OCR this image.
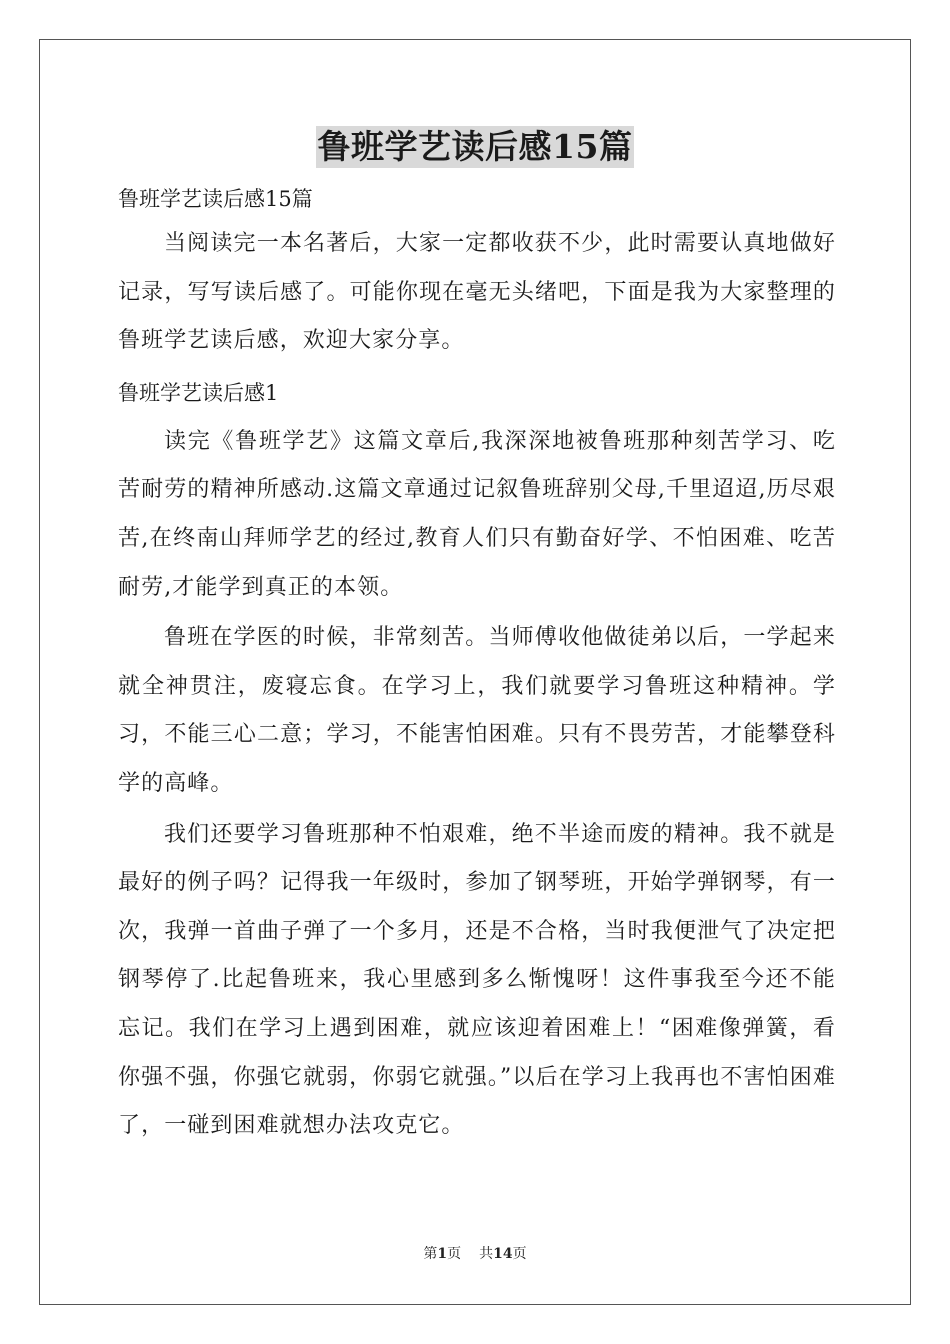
鲁班学艺读后感15篇

鲁班学艺读后感15篇

当阅读完一本名著后，大家一定都收获不少，此时需要认真地做好记录，写写读后感了。可能你现在毫无头绪吧，下面是我为大家整理的鲁班学艺读后感，欢迎大家分享。

鲁班学艺读后感1

读完《鲁班学艺》这篇文章后,我深深地被鲁班那种刻苦学习、吃苦耐劳的精神所感动.这篇文章通过记叙鲁班辞别父母,千里迢迢,历尽艰苦,在终南山拜师学艺的经过,教育人们只有勤奋好学、不怕困难、吃苦耐劳,才能学到真正的本领。

鲁班在学医的时候，非常刻苦。当师傅收他做徒弟以后，一学起来就全神贯注，废寝忘食。在学习上，我们就要学习鲁班这种精神。学习，不能三心二意；学习，不能害怕困难。只有不畏劳苦，才能攀登科学的高峰。

我们还要学习鲁班那种不怕艰难，绝不半途而废的精神。我不就是最好的例子吗？记得我一年级时，参加了钢琴班，开始学弹钢琴，有一次，我弹一首曲子弹了一个多月，还是不合格，当时我便泄气了决定把钢琴停了.比起鲁班来，我心里感到多么惭愧呀！这件事我至今还不能忘记。我们在学习上遇到困难，就应该迎着困难上！“困难像弹簧，看你强不强，你强它就弱，你弱它就强。”以后在学习上我再也不害怕困难了，一碰到困难就想办法攻克它。

第1页 共14页
